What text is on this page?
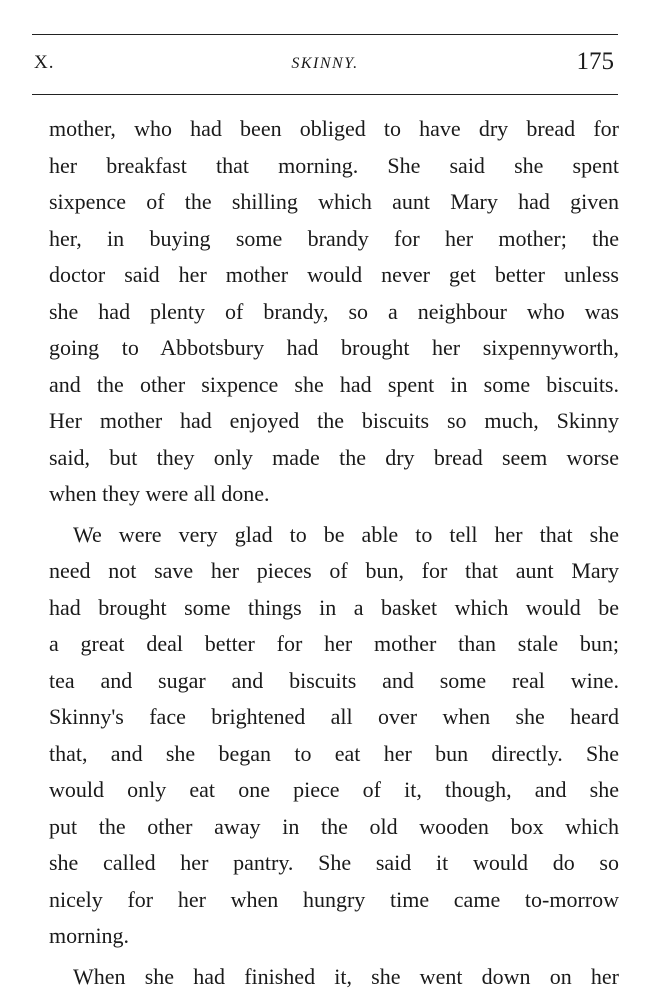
X.	SKINNY.	175
mother, who had been obliged to have dry bread for
her breakfast that morning. She said she spent
sixpence of the shilling which aunt Mary had given
her, in buying some brandy for her mother; the
doctor said her mother would never get better unless
she had plenty of brandy, so a neighbour who was
going to Abbotsbury had brought her sixpennyworth,
and the other sixpence she had spent in some biscuits.
Her mother had enjoyed the biscuits so much, Skinny
said, but they only made the dry bread seem worse
when they were all done.
We were very glad to be able to tell her that she
need not save her pieces of bun, for that aunt Mary
had brought some things in a basket which would be
a great deal better for her mother than stale bun;
tea and sugar and biscuits and some real wine.
Skinny's face brightened all over when she heard
that, and she began to eat her bun directly. She
would only eat one piece of it, though, and she
put the other away in the old wooden box which
she called her pantry. She said it would do so
nicely for her when hungry time came to-morrow
morning.
When she had finished it, she went down on her
